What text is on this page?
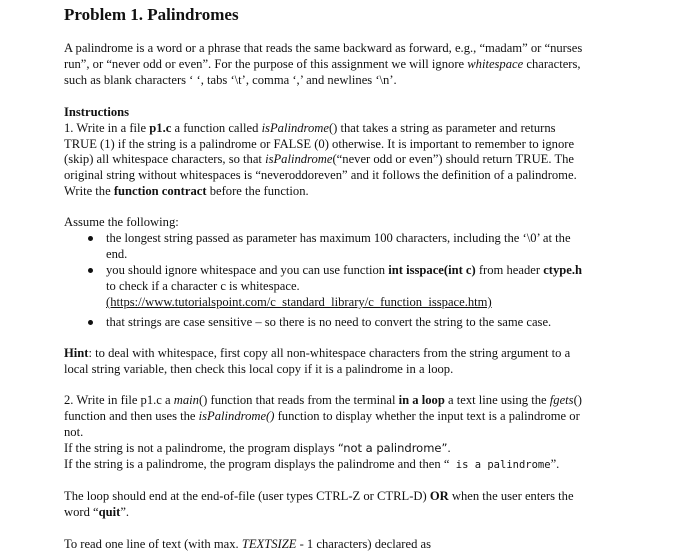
Problem 1. Palindromes
A palindrome is a word or a phrase that reads the same backward as forward, e.g., “madam” or “nurses
run”, or “never odd or even”. For the purpose of this assignment we will ignore whitespace characters,
such as blank characters ‘ ‘, tabs ‘\t’, comma ‘,’ and newlines ‘\n’.
Instructions
1. Write in a file p1.c a function called isPalindrome() that takes a string as parameter and returns
TRUE (1) if the string is a palindrome or FALSE (0) otherwise. It is important to remember to ignore
(skip) all whitespace characters, so that isPalindrome(“never odd or even”) should return TRUE. The
original string without whitespaces is “neveroddoreven” and it follows the definition of a palindrome.
Write the function contract before the function.
Assume the following:
the longest string passed as parameter has maximum 100 characters, including the ‘\0’ at the
end.
you should ignore whitespace and you can use function int isspace(int c) from header ctype.h
to check if a character c is whitespace.
(https://www.tutorialspoint.com/c_standard_library/c_function_isspace.htm)
that strings are case sensitive – so there is no need to convert the string to the same case.
Hint: to deal with whitespace, first copy all non-whitespace characters from the string argument to a
local string variable, then check this local copy if it is a palindrome in a loop.
2. Write in file p1.c a main() function that reads from the terminal in a loop a text line using the fgets()
function and then uses the isPalindrome() function to display whether the input text is a palindrome or
not.
If the string is not a palindrome, the program displays “not a palindrome”.
If the string is a palindrome, the program displays the palindrome and then “ is a palindrome”.
The loop should end at the end-of-file (user types CTRL-Z or CTRL-D) OR when the user enters the
word “quit”.
To read one line of text (with max. TEXTSIZE - 1 characters) declared as
